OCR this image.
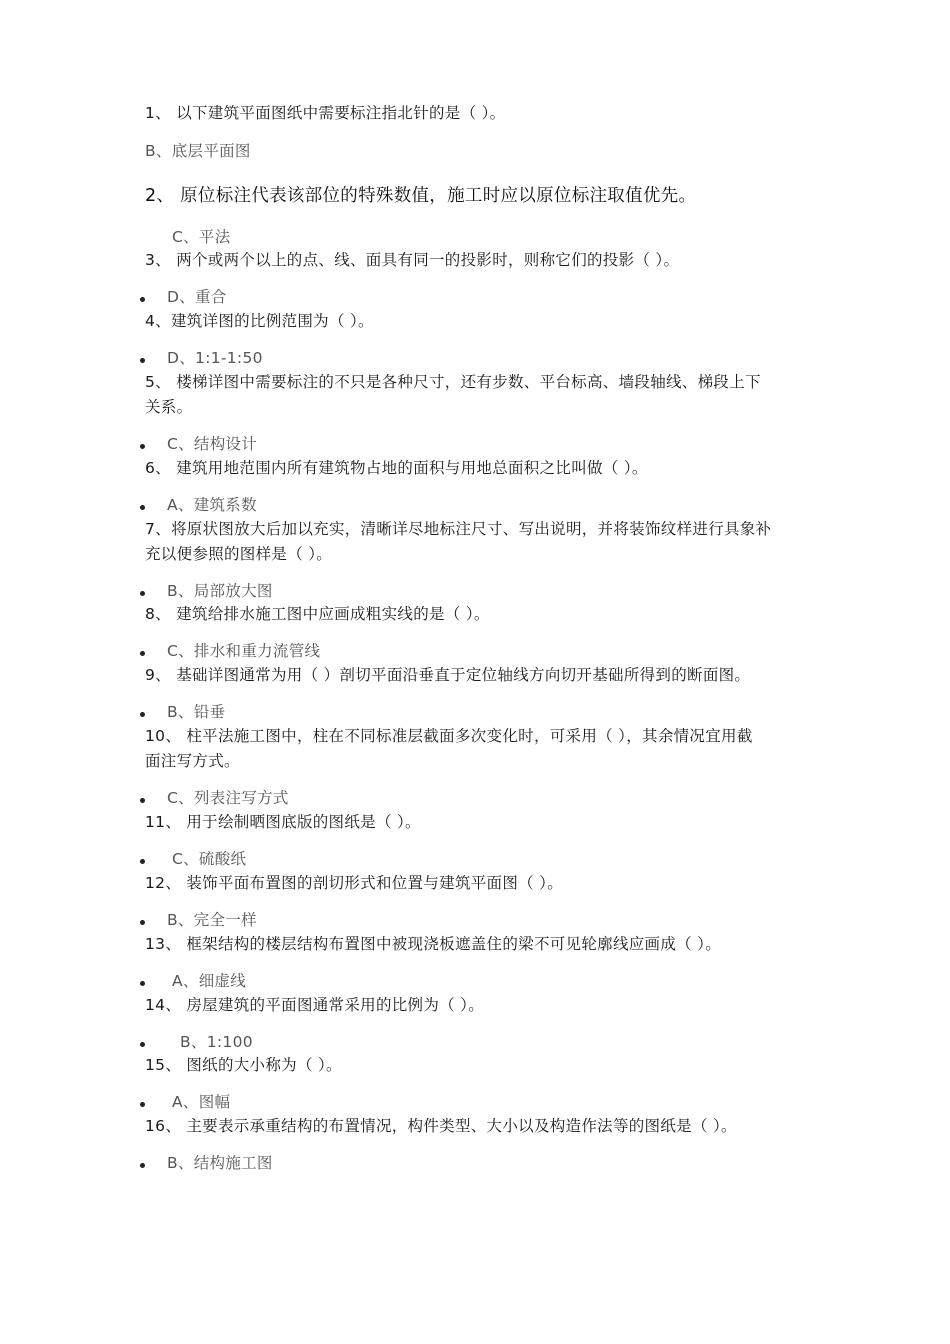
1、 以下建筑平面图纸中需要标注指北针的是（ ）。
B、底层平面图
2、 原位标注代表该部位的特殊数值，施工时应以原位标注取值优先。
C、平法
3、 两个或两个以上的点、线、面具有同一的投影时，则称它们的投影（ ）。
D、重合
4、建筑详图的比例范围为（ ）。
D、1:1-1:50
5、 楼梯详图中需要标注的不只是各种尺寸，还有步数、平台标高、墙段轴线、梯段上下
关系。
C、结构设计
6、 建筑用地范围内所有建筑物占地的面积与用地总面积之比叫做（ ）。
A、建筑系数
7、将原状图放大后加以充实，清晰详尽地标注尺寸、写出说明，并将装饰纹样进行具象补
充以便参照的图样是（ ）。
B、局部放大图
8、 建筑给排水施工图中应画成粗实线的是（ ）。
C、排水和重力流管线
9、 基础详图通常为用（ ）剖切平面沿垂直于定位轴线方向切开基础所得到的断面图。
B、铅垂
10、 柱平法施工图中，柱在不同标准层截面多次变化时，可采用（ ），其余情况宜用截
面注写方式。
C、列表注写方式
11、 用于绘制晒图底版的图纸是（ ）。
C、硫酸纸
12、 装饰平面布置图的剖切形式和位置与建筑平面图（ ）。
B、完全一样
13、 框架结构的楼层结构布置图中被现浇板遮盖住的梁不可见轮廓线应画成（ ）。
A、细虚线
14、 房屋建筑的平面图通常采用的比例为（ ）。
B、1:100
15、 图纸的大小称为（ ）。
A、图幅
16、 主要表示承重结构的布置情况，构件类型、大小以及构造作法等的图纸是（ ）。
B、结构施工图
